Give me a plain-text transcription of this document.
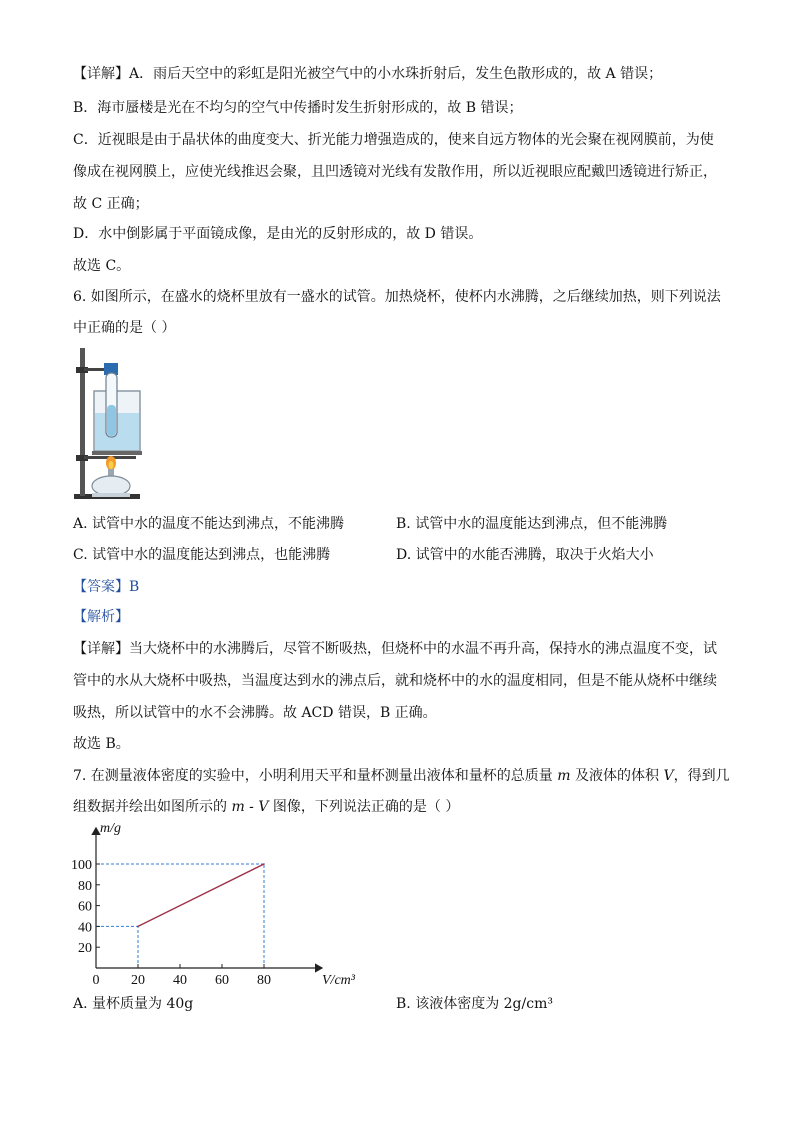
【详解】A．雨后天空中的彩虹是阳光被空气中的小水珠折射后，发生色散形成的，故 A 错误；
B．海市蜃楼是光在不均匀的空气中传播时发生折射形成的，故 B 错误；
C．近视眼是由于晶状体的曲度变大、折光能力增强造成的，使来自远方物体的光会聚在视网膜前，为使
像成在视网膜上，应使光线推迟会聚，且凹透镜对光线有发散作用，所以近视眼应配戴凹透镜进行矫正，
故 C 正确；
D．水中倒影属于平面镜成像，是由光的反射形成的，故 D 错误。
故选 C。
6. 如图所示，在盛水的烧杯里放有一盛水的试管。加热烧杯，使杯内水沸腾，之后继续加热，则下列说法
中正确的是（ ）
A. 试管中水的温度不能达到沸点，不能沸腾	B. 试管中水的温度能达到沸点，但不能沸腾
C. 试管中水的温度能达到沸点，也能沸腾	D. 试管中的水能否沸腾，取决于火焰大小
【答案】B
【解析】
【详解】当大烧杯中的水沸腾后，尽管不断吸热，但烧杯中的水温不再升高，保持水的沸点温度不变，试
管中的水从大烧杯中吸热，当温度达到水的沸点后，就和烧杯中的水的温度相同，但是不能从烧杯中继续
吸热，所以试管中的水不会沸腾。故 ACD 错误，B 正确。
故选 B。
7. 在测量液体密度的实验中，小明利用天平和量杯测量出液体和量杯的总质量 m 及液体的体积 V，得到几
组数据并绘出如图所示的 m - V 图像，下列说法正确的是（ ）
20
40
60
80
100
0 20 40 60 80
m/g
V/cm³
A. 量杯质量为 40g	B. 该液体密度为 2g/cm³
